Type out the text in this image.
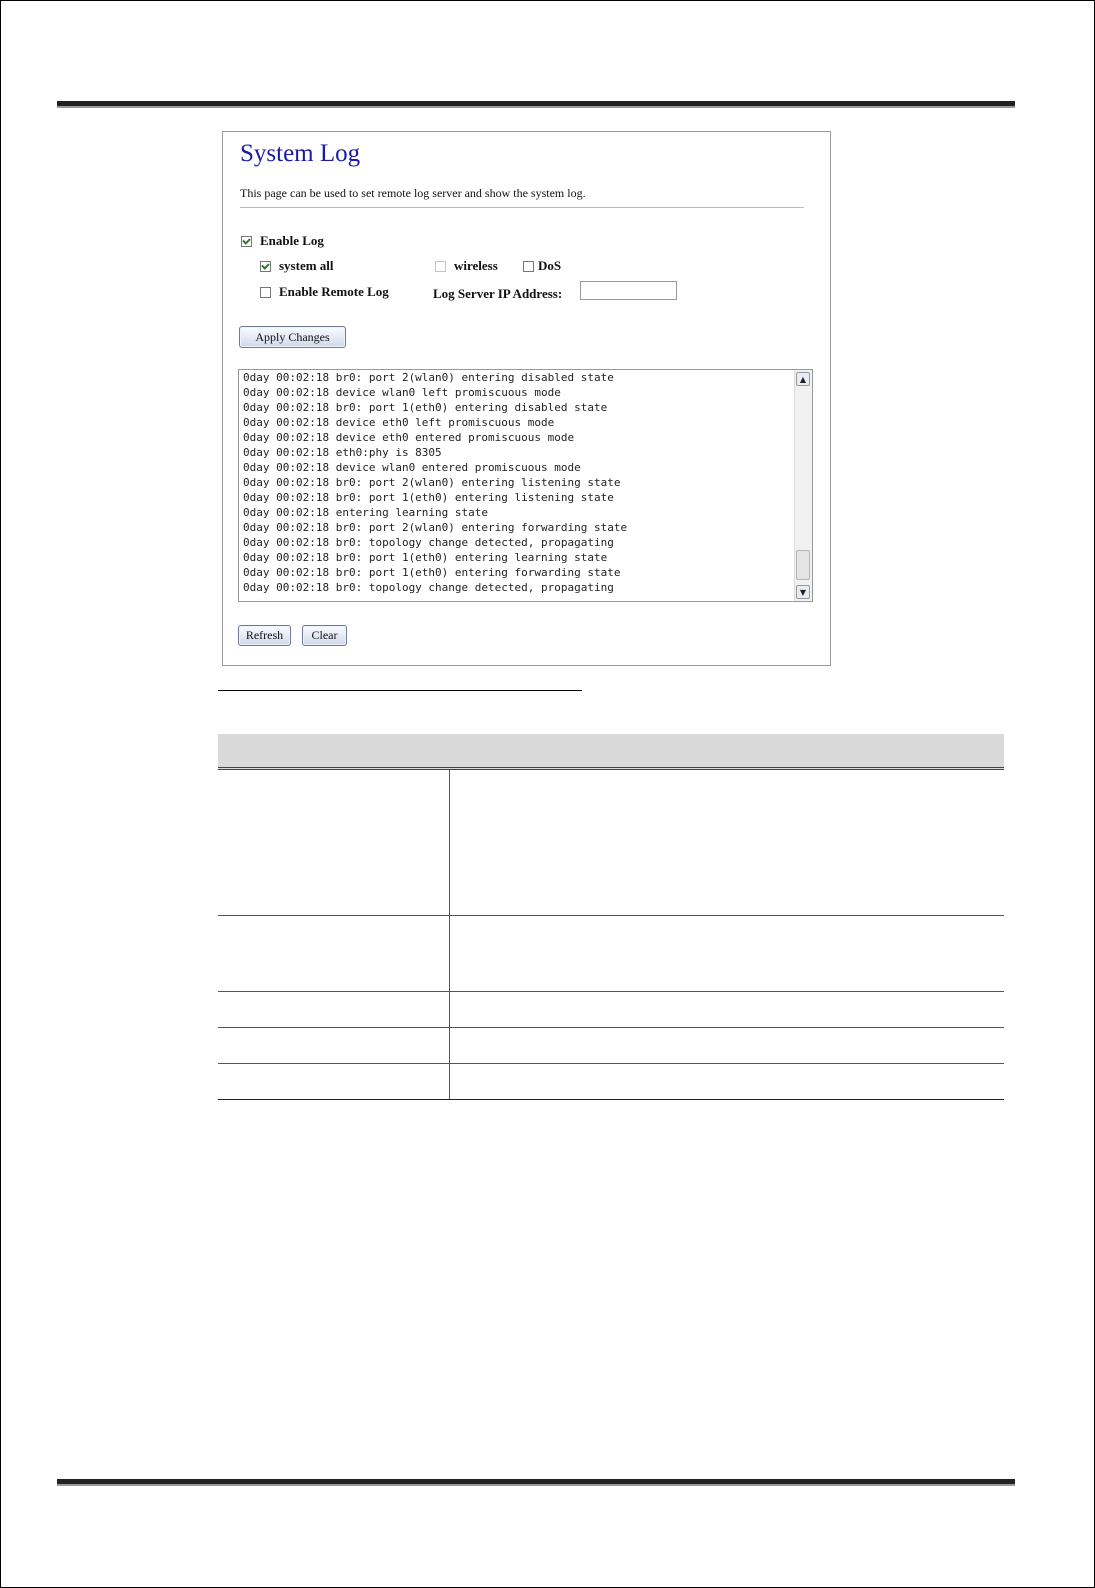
System Log
This page can be used to set remote log server and show the system log.
Enable Log
system all	wireless	DoS
Enable Remote Log	Log Server IP Address:
Apply Changes
0day 00:02:18 br0: port 2(wlan0) entering disabled state
0day 00:02:18 device wlan0 left promiscuous mode
0day 00:02:18 br0: port 1(eth0) entering disabled state
0day 00:02:18 device eth0 left promiscuous mode
0day 00:02:18 device eth0 entered promiscuous mode
0day 00:02:18 eth0:phy is 8305
0day 00:02:18 device wlan0 entered promiscuous mode
0day 00:02:18 br0: port 2(wlan0) entering listening state
0day 00:02:18 br0: port 1(eth0) entering listening state
0day 00:02:18 entering learning state
0day 00:02:18 br0: port 2(wlan0) entering forwarding state
0day 00:02:18 br0: topology change detected, propagating
0day 00:02:18 br0: port 1(eth0) entering learning state
0day 00:02:18 br0: port 1(eth0) entering forwarding state
0day 00:02:18 br0: topology change detected, propagating
▲
▼
Refresh	Clear
